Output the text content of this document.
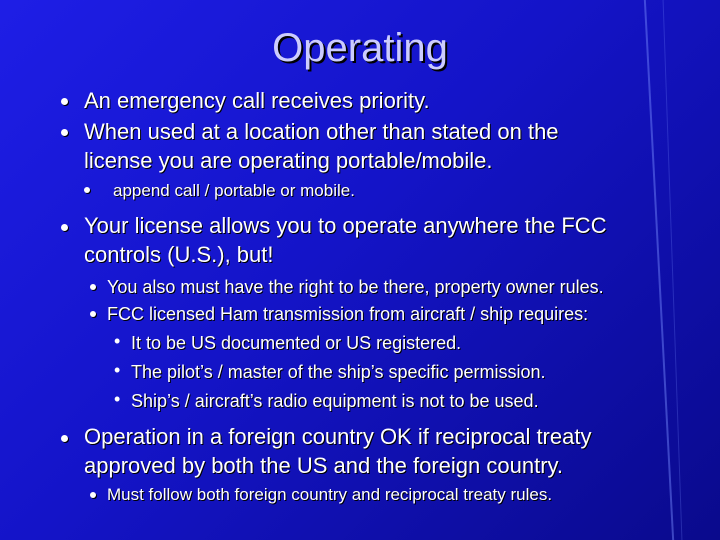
Operating
An emergency call receives priority.
When used at a location other than stated on the
license you are operating portable/mobile.
append call / portable or mobile.
Your license allows you to operate anywhere the FCC
controls (U.S.), but!
You also must have the right to be there, property owner rules.
FCC licensed Ham transmission from aircraft / ship requires:
• It to be US documented or US registered.
• The pilot’s / master of the ship’s specific permission.
• Ship’s / aircraft’s radio equipment is not to be used.
Operation in a foreign country OK if reciprocal treaty
approved by both the US and the foreign country.
Must follow both foreign country and reciprocal treaty rules.
